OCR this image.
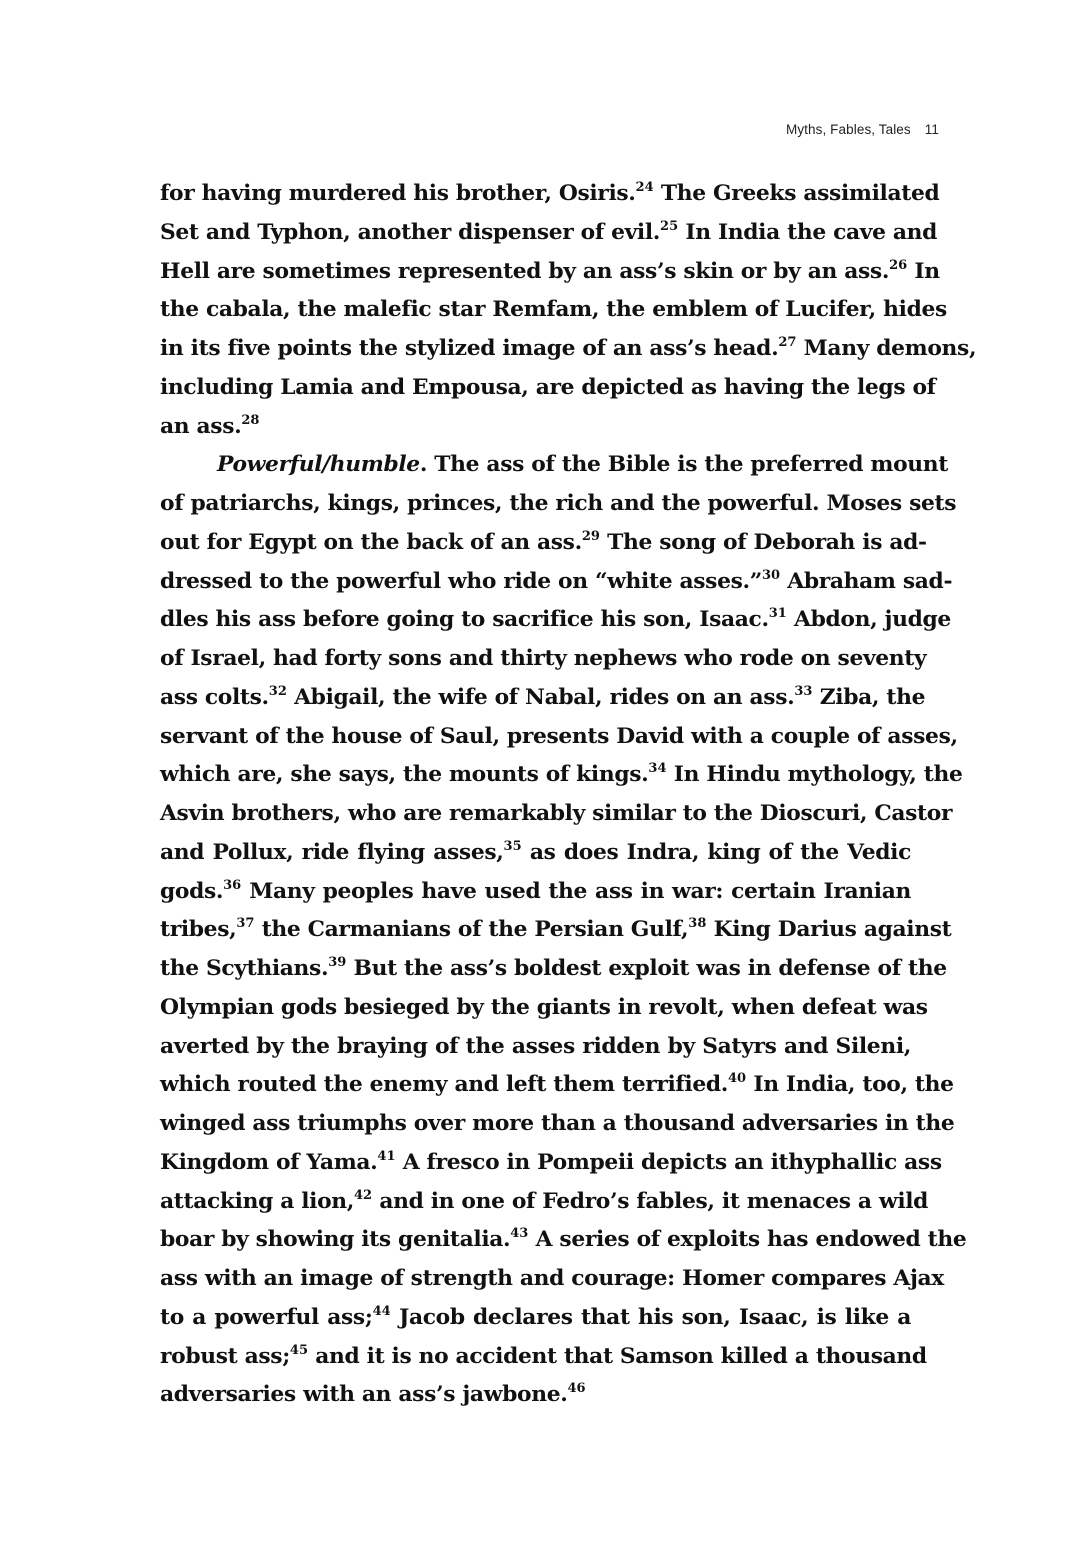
Myths, Fables, Tales 11
for having murdered his brother, Osiris.$^{24}$ The Greeks assimilated
Set and Typhon, another dispenser of evil.$^{25}$ In India the cave and
Hell are sometimes represented by an ass’s skin or by an ass.$^{26}$ In
the cabala, the malefic star Remfam, the emblem of Lucifer, hides
in its five points the stylized image of an ass’s head.$^{27}$ Many demons,
including Lamia and Empousa, are depicted as having the legs of
an ass.$^{28}$
Powerful/humble. The ass of the Bible is the preferred mount
of patriarchs, kings, princes, the rich and the powerful. Moses sets
out for Egypt on the back of an ass.$^{29}$ The song of Deborah is ad-
dressed to the powerful who ride on “white asses.”$^{30}$ Abraham sad-
dles his ass before going to sacrifice his son, Isaac.$^{31}$ Abdon, judge
of Israel, had forty sons and thirty nephews who rode on seventy
ass colts.$^{32}$ Abigail, the wife of Nabal, rides on an ass.$^{33}$ Ziba, the
servant of the house of Saul, presents David with a couple of asses,
which are, she says, the mounts of kings.$^{34}$ In Hindu mythology, the
Asvin brothers, who are remarkably similar to the Dioscuri, Castor
and Pollux, ride flying asses,$^{35}$ as does Indra, king of the Vedic
gods.$^{36}$ Many peoples have used the ass in war: certain Iranian
tribes,$^{37}$ the Carmanians of the Persian Gulf,$^{38}$ King Darius against
the Scythians.$^{39}$ But the ass’s boldest exploit was in defense of the
Olympian gods besieged by the giants in revolt, when defeat was
averted by the braying of the asses ridden by Satyrs and Sileni,
which routed the enemy and left them terrified.$^{40}$ In India, too, the
winged ass triumphs over more than a thousand adversaries in the
Kingdom of Yama.$^{41}$ A fresco in Pompeii depicts an ithyphallic ass
attacking a lion,$^{42}$ and in one of Fedro’s fables, it menaces a wild
boar by showing its genitalia.$^{43}$ A series of exploits has endowed the
ass with an image of strength and courage: Homer compares Ajax
to a powerful ass;$^{44}$ Jacob declares that his son, Isaac, is like a
robust ass;$^{45}$ and it is no accident that Samson killed a thousand
adversaries with an ass’s jawbone.$^{46}$
